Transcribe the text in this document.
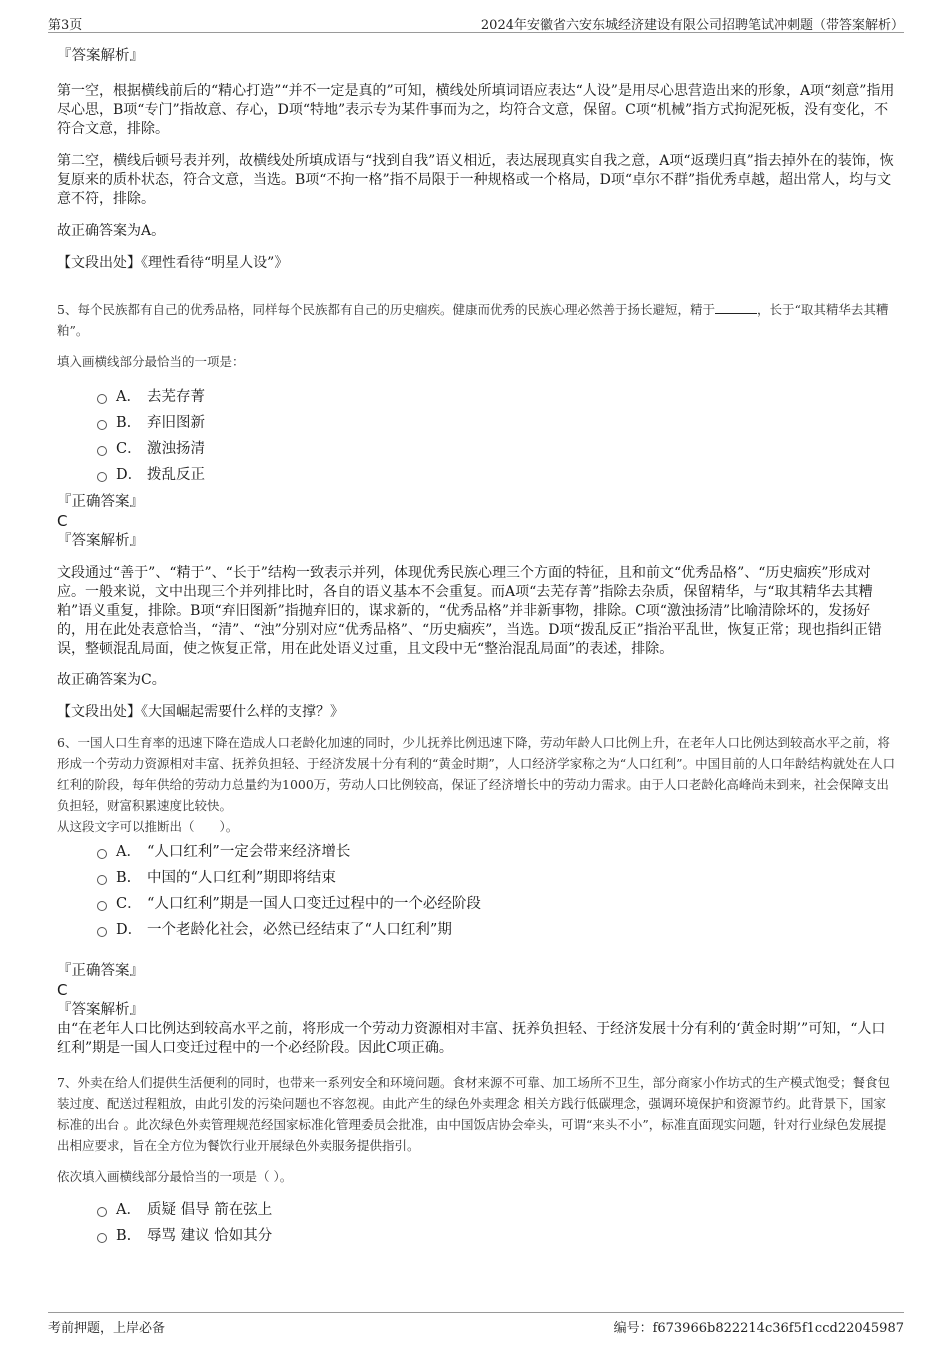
第3页	2024年安徽省六安东城经济建设有限公司招聘笔试冲刺题（带答案解析）
『答案解析』
第一空，根据横线前后的“精心打造”“并不一定是真的”可知，横线处所填词语应表达“人设”是用尽心思营造出来的形象，A项“刻意”指用尽心思，B项“专门”指故意、存心，D项“特地”表示专为某件事而为之，均符合文意，保留。C项“机械”指方式拘泥死板，没有变化，不符合文意，排除。
第二空，横线后顿号表并列，故横线处所填成语与“找到自我”语义相近，表达展现真实自我之意，A项“返璞归真”指去掉外在的装饰，恢复原来的质朴状态，符合文意，当选。B项“不拘一格”指不局限于一种规格或一个格局，D项“卓尔不群”指优秀卓越，超出常人，均与文意不符，排除。
故正确答案为A。
【文段出处】《理性看待“明星人设”》
5、每个民族都有自己的优秀品格，同样每个民族都有自己的历史痼疾。健康而优秀的民族心理必然善于扬长避短，精于	，长于“取其精华去其糟粕”。
填入画横线部分最恰当的一项是：
A． 去芜存菁
B.	弃旧图新
C． 激浊扬清
D． 拨乱反正
『正确答案』
C
『答案解析』
文段通过“善于”、“精于”、“长于”结构一致表示并列，体现优秀民族心理三个方面的特征，且和前文“优秀品格”、“历史痼疾”形成对应。一般来说，文中出现三个并列排比时，各自的语义基本不会重复。而A项“去芜存菁”指除去杂质，保留精华，与“取其精华去其糟粕”语义重复，排除。B项“弃旧图新”指抛弃旧的，谋求新的，“优秀品格”并非新事物，排除。C项“激浊扬清”比喻清除坏的，发扬好的，用在此处表意恰当，“清”、“浊”分别对应“优秀品格”、“历史痼疾”，当选。D项“拨乱反正”指治平乱世，恢复正常；现也指纠正错误，整顿混乱局面，使之恢复正常，用在此处语义过重，且文段中无“整治混乱局面”的表述，排除。
故正确答案为C。
【文段出处】《大国崛起需要什么样的支撑？》
6、一国人口生育率的迅速下降在造成人口老龄化加速的同时，少儿抚养比例迅速下降，劳动年龄人口比例上升，在老年人口比例达到较高水平之前，将形成一个劳动力资源相对丰富、抚养负担轻、于经济发展十分有利的“黄金时期”，人口经济学家称之为“人口红利”。中国目前的人口年龄结构就处在人口红利的阶段，每年供给的劳动力总量约为1000万，劳动人口比例较高，保证了经济增长中的劳动力需求。由于人口老龄化高峰尚未到来，社会保障支出负担轻，财富积累速度比较快。
从这段文字可以推断出（　　）。
A． “人口红利”一定会带来经济增长
B.	中国的“人口红利”期即将结束
C． “人口红利”期是一国人口变迁过程中的一个必经阶段
D． 一个老龄化社会，必然已经结束了“人口红利”期
『正确答案』
C
『答案解析』
由“在老年人口比例达到较高水平之前，将形成一个劳动力资源相对丰富、抚养负担轻、于经济发展十分有利的‘黄金时期’”可知，“人口红利”期是一国人口变迁过程中的一个必经阶段。因此C项正确。
7、外卖在给人们提供生活便利的同时，也带来一系列安全和环境问题。食材来源不可靠、加工场所不卫生，部分商家小作坊式的生产模式饱受；餐食包装过度、配送过程粗放，由此引发的污染问题也不容忽视。由此产生的绿色外卖理念 相关方践行低碳理念，强调环境保护和资源节约。此背景下，国家标准的出台 。此次绿色外卖管理规范经国家标准化管理委员会批准，由中国饭店协会牵头，可谓“来头不小”，标准直面现实问题，针对行业绿色发展提出相应要求，旨在全方位为餐饮行业开展绿色外卖服务提供指引。
依次填入画横线部分最恰当的一项是（ ）。
A． 质疑 倡导 箭在弦上
B.	辱骂 建议 恰如其分
考前押题，上岸必备	编号：f673966b822214c36f5f1ccd22045987
